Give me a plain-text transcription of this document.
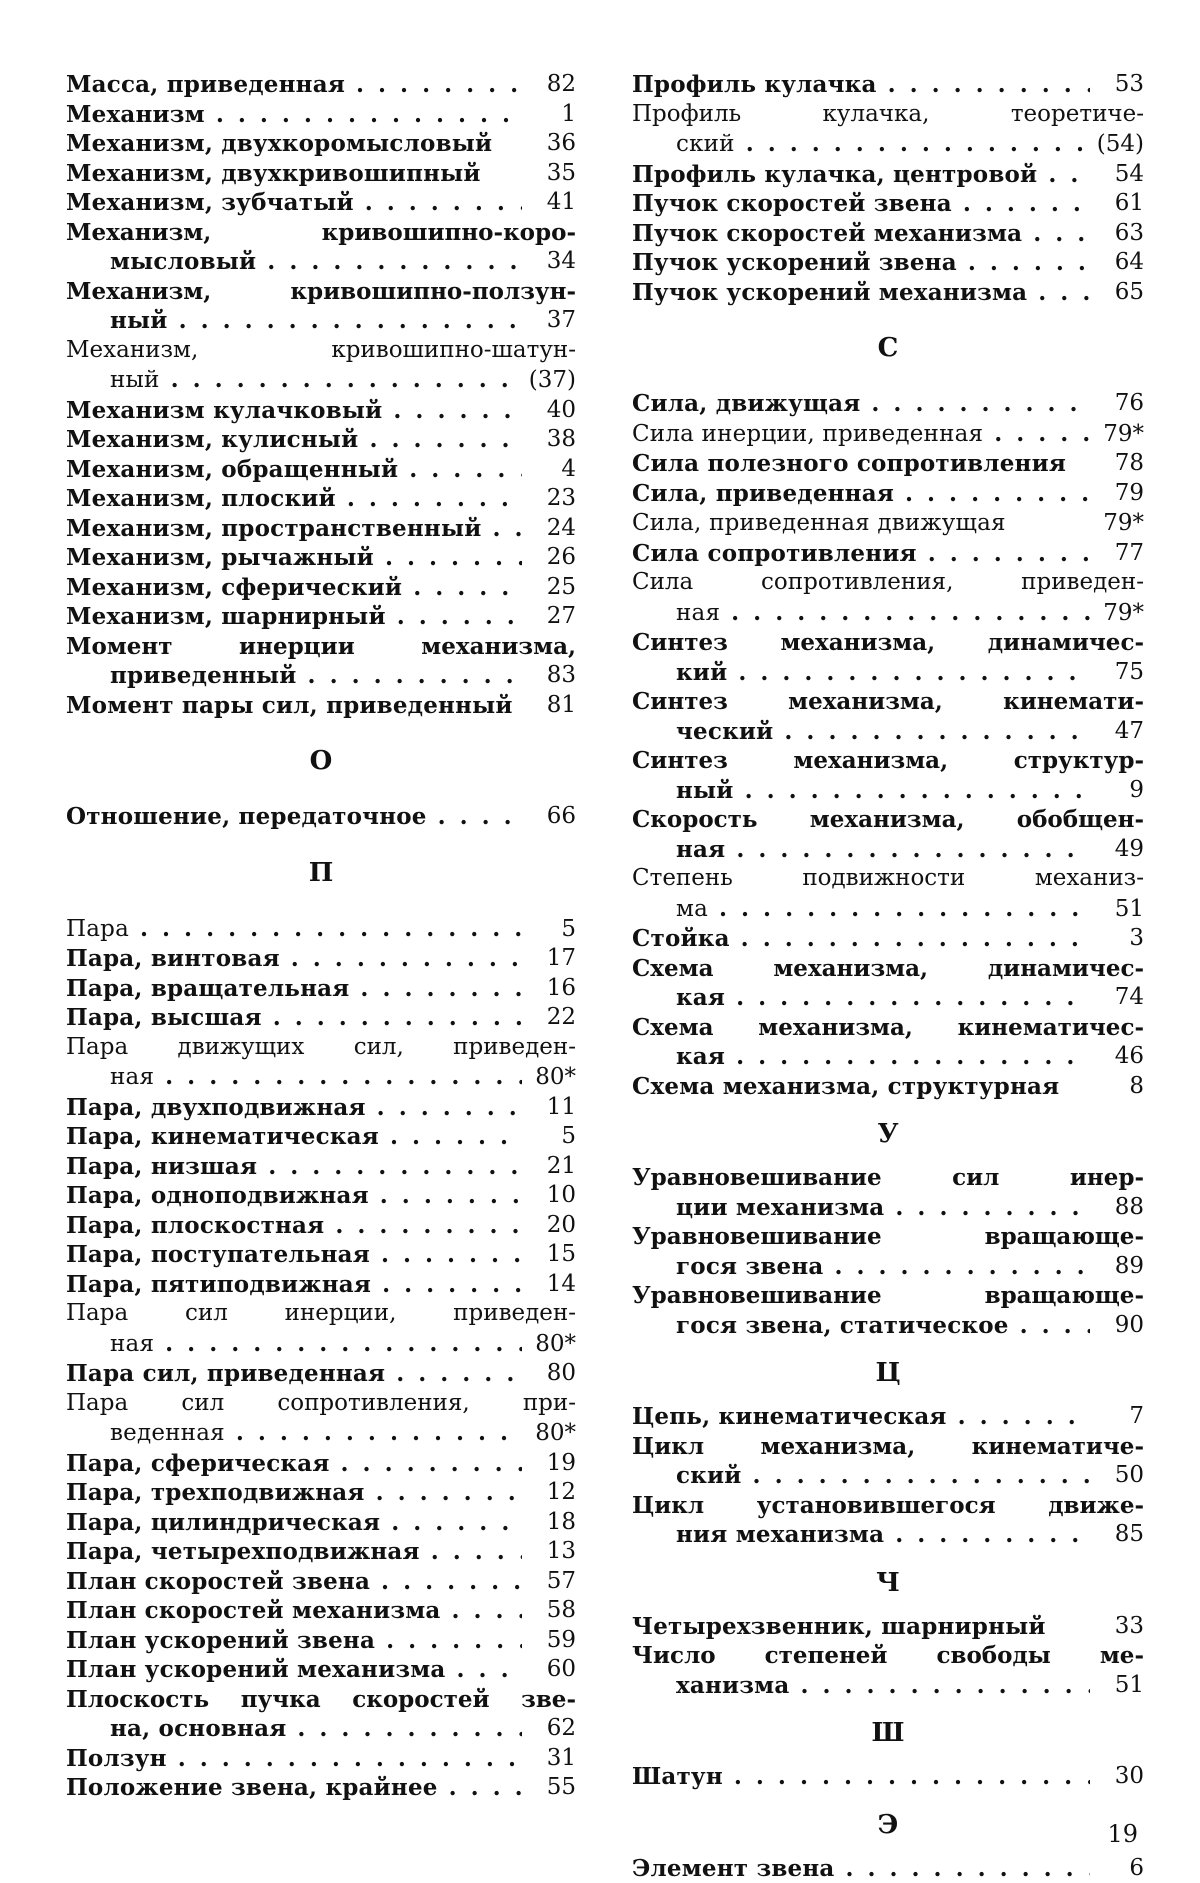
Масса, приведенная . . .	82
Механизм . . .	1
Механизм, двухкоромысловый	36
Механизм, двухкривошипный	35
Механизм, зубчатый . . .	41
Механизм, кривошипно-коро-
мысловый . . .	34
Механизм, кривошипно-ползун-
ный . . .	37
Механизм, кривошипно-шатун-
ный . . .	(37)
Механизм кулачковый . . .	40
Механизм, кулисный . . .	38
Механизм, обращенный . . .	4
Механизм, плоский . . .	23
Механизм, пространственный . . .	24
Механизм, рычажный . . .	26
Механизм, сферический . . .	25
Механизм, шарнирный . . .	27
Момент инерции механизма,
приведенный . . .	83
Момент пары сил, приведенный	81
О
Отношение, передаточное . . .	66
П
Пара . . .	5
Пара, винтовая . . .	17
Пара, вращательная . . .	16
Пара, высшая . . .	22
Пара движущих сил, приведен-
ная . . .	80*
Пара, двухподвижная . . .	11
Пара, кинематическая . . .	5
Пара, низшая . . .	21
Пара, одноподвижная . . .	10
Пара, плоскостная . . .	20
Пара, поступательная . . .	15
Пара, пятиподвижная . . .	14
Пара сил инерции, приведен-
ная . . .	80*
Пара сил, приведенная . . .	80
Пара сил сопротивления, при-
веденная . . .	80*
Пара, сферическая . . .	19
Пара, трехподвижная . . .	12
Пара, цилиндрическая . . .	18
Пара, четырехподвижная . . .	13
План скоростей звена . . .	57
План скоростей механизма . . .	58
План ускорений звена . . .	59
План ускорений механизма . . .	60
Плоскость пучка скоростей зве-
на, основная . . .	62
Ползун . . .	31
Положение звена, крайнее . . .	55
Профиль кулачка . . .	53
Профиль кулачка, теоретиче-
ский . . .	(54)
Профиль кулачка, центровой . . .	54
Пучок скоростей звена . . .	61
Пучок скоростей механизма . . .	63
Пучок ускорений звена . . .	64
Пучок ускорений механизма . . .	65
С
Сила, движущая . . .	76
Сила инерции, приведенная . . .	79*
Сила полезного сопротивления	78
Сила, приведенная . . .	79
Сила, приведенная движущая	79*
Сила сопротивления . . .	77
Сила сопротивления, приведен-
ная . . .	79*
Синтез механизма, динамичес-
кий . . .	75
Синтез механизма, кинемати-
ческий . . .	47
Синтез механизма, структур-
ный . . .	9
Скорость механизма, обобщен-
ная . . .	49
Степень подвижности механиз-
ма . . .	51
Стойка . . .	3
Схема механизма, динамичес-
кая . . .	74
Схема механизма, кинематичес-
кая . . .	46
Схема механизма, структурная	8
У
Уравновешивание сил инер-
ции механизма . . .	88
Уравновешивание вращающе-
гося звена . . .	89
Уравновешивание вращающе-
гося звена, статическое . . .	90
Ц
Цепь, кинематическая . . .	7
Цикл механизма, кинематиче-
ский . . .	50
Цикл установившегося движе-
ния механизма . . .	85
Ч
Четырехзвенник, шарнирный	33
Число степеней свободы ме-
ханизма . . .	51
Ш
Шатун . . .	30
Э
Элемент звена . . .	6
19
